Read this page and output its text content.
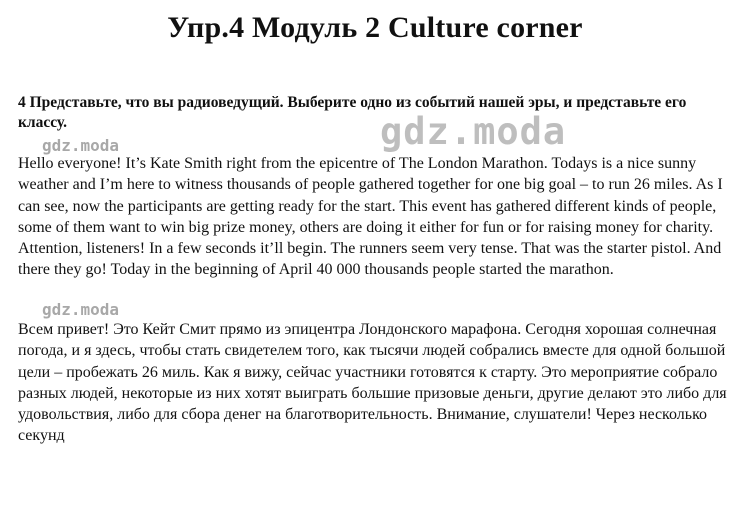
Упр.4 Модуль 2 Culture corner
4 Представьте, что вы радиоведущий. Выберите одно из событий нашей эры, и представьте его классу.	gdz.moda
gdz.moda
Hello everyone! It’s Kate Smith right from the epicentre of The London Marathon. Todays is a nice sunny weather and I’m here to witness thousands of people gathered together for one big goal – to run 26 miles. As I can see, now the participants are getting ready for the start. This event has gathered different kinds of people, some of them want to win big prize money, others are doing it either for fun or for raising money for charity. Attention, listeners! In a few seconds it’ll begin. The runners seem very tense. That was the starter pistol. And there they go! Today in the beginning of April 40 000 thousands people started the marathon.
gdz.moda
Всем привет! Это Кейт Смит прямо из эпицентра Лондонского марафона. Сегодня хорошая солнечная погода, и я здесь, чтобы стать свидетелем того, как тысячи людей собрались вместе для одной большой цели – пробежать 26 миль. Как я вижу, сейчас участники готовятся к старту. Это мероприятие собрало разных людей, некоторые из них хотят выиграть большие призовые деньги, другие делают это либо для удовольствия, либо для сбора денег на благотворительность. Внимание, слушатели! Через несколько секунд
